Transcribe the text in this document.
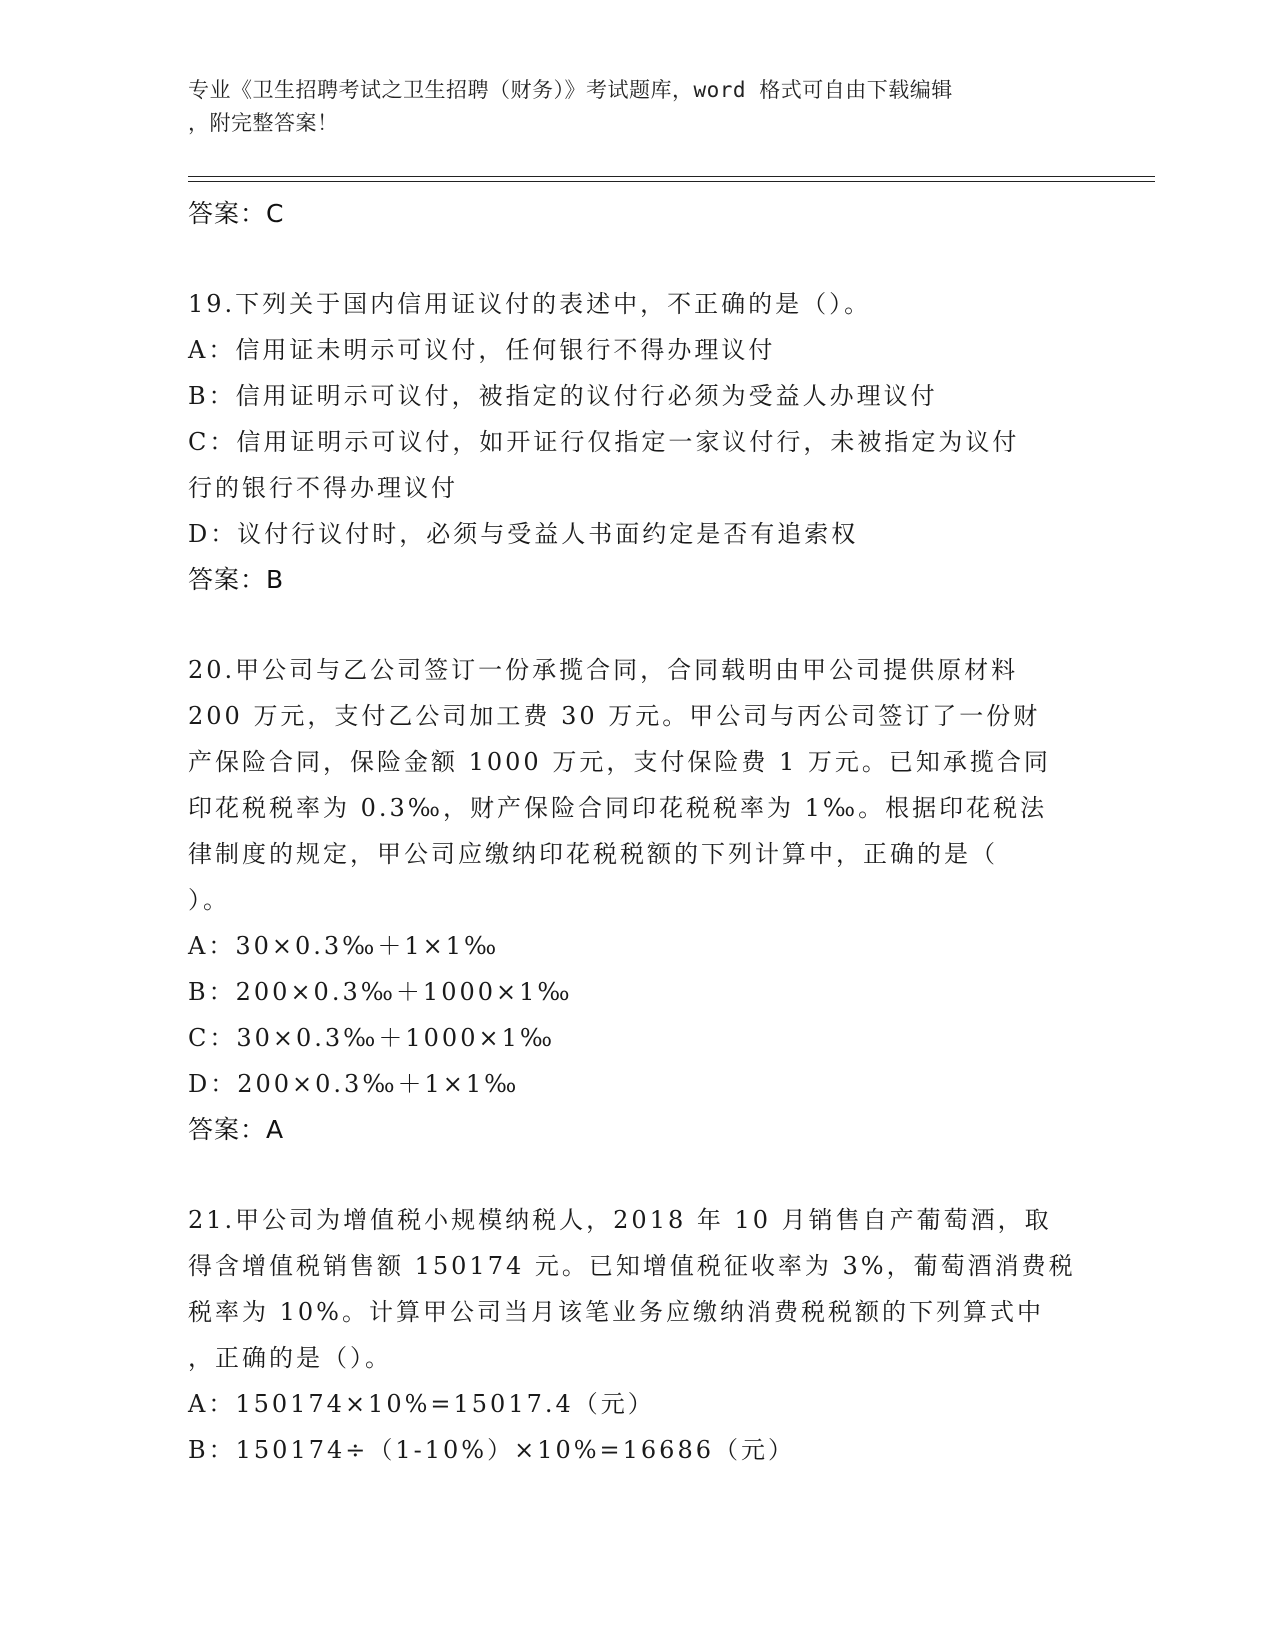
专业《卫生招聘考试之卫生招聘（财务）》考试题库，word 格式可自由下载编辑
，附完整答案！
答案：C
19.下列关于国内信用证议付的表述中，不正确的是（）。
A：信用证未明示可议付，任何银行不得办理议付
B：信用证明示可议付，被指定的议付行必须为受益人办理议付
C：信用证明示可议付，如开证行仅指定一家议付行，未被指定为议付
行的银行不得办理议付
D：议付行议付时，必须与受益人书面约定是否有追索权
答案：B
20.甲公司与乙公司签订一份承揽合同，合同载明由甲公司提供原材料
200 万元，支付乙公司加工费 30 万元。甲公司与丙公司签订了一份财
产保险合同，保险金额 1000 万元，支付保险费 1 万元。已知承揽合同
印花税税率为 0.3‰，财产保险合同印花税税率为 1‰。根据印花税法
律制度的规定，甲公司应缴纳印花税税额的下列计算中，正确的是（
）。
A：30×0.3‰＋1×1‰
B：200×0.3‰＋1000×1‰
C：30×0.3‰＋1000×1‰
D：200×0.3‰＋1×1‰
答案：A
21.甲公司为增值税小规模纳税人，2018 年 10 月销售自产葡萄酒，取
得含增值税销售额 150174 元。已知增值税征收率为 3%，葡萄酒消费税
税率为 10%。计算甲公司当月该笔业务应缴纳消费税税额的下列算式中
，正确的是（）。
A：150174×10%=15017.4（元）
B：150174÷（1-10%）×10%=16686（元）
